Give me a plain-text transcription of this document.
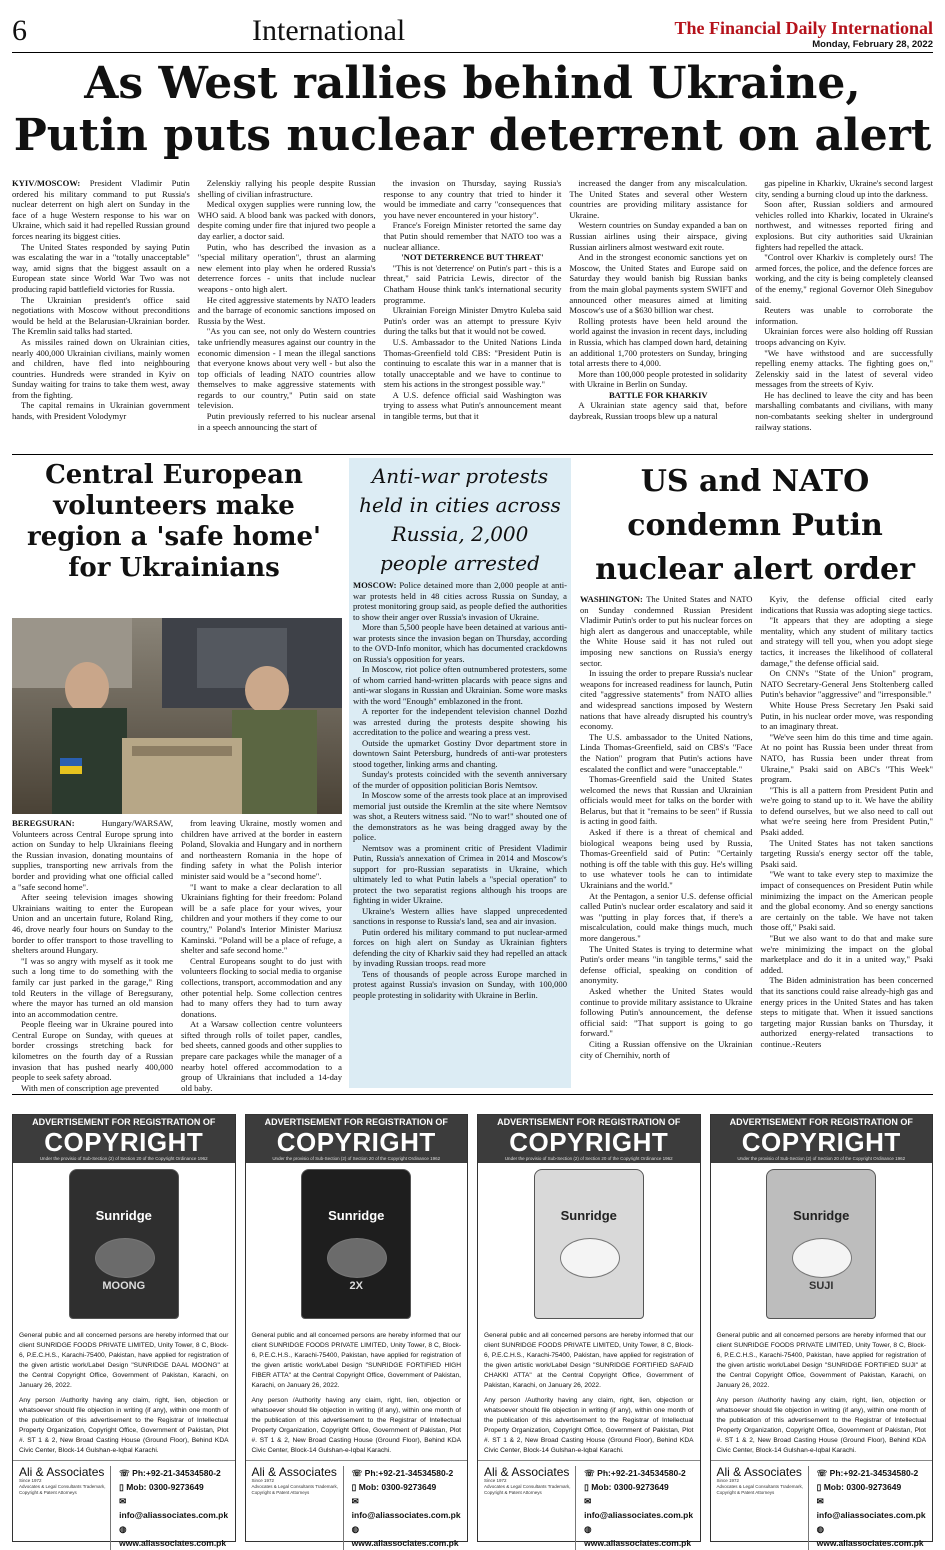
6	International	The Financial Daily International
Monday, February 28, 2022
As West rallies behind Ukraine, Putin puts nuclear deterrent on alert

KYIV/MOSCOW: President Vladimir Putin ordered his military command to put Russia's nuclear deterrent on high alert on Sunday in the face of a huge Western response to his war on Ukraine, which said it had repelled Russian ground forces nearing its biggest cities.

The United States responded by saying Putin was escalating the war in a "totally unacceptable" way, amid signs that the biggest assault on a European state since World War Two was not producing rapid battlefield victories for Russia.

The Ukrainian president's office said negotiations with Moscow without preconditions would be held at the Belarusian-Ukrainian border. The Kremlin said talks had started.

As missiles rained down on Ukrainian cities, nearly 400,000 Ukrainian civilians, mainly women and children, have fled into neighbouring countries. Hundreds were stranded in Kyiv on Sunday waiting for trains to take them west, away from the fighting.

The capital remains in Ukrainian government hands, with President Volodymyr

Zelenskiy rallying his people despite Russian shelling of civilian infrastructure.

Medical oxygen supplies were running low, the WHO said. A blood bank was packed with donors, despite coming under fire that injured two people a day earlier, a doctor said.

Putin, who has described the invasion as a "special military operation", thrust an alarming new element into play when he ordered Russia's deterrence forces - units that include nuclear weapons - onto high alert.

He cited aggressive statements by NATO leaders and the barrage of economic sanctions imposed on Russia by the West.

"As you can see, not only do Western countries take unfriendly measures against our country in the economic dimension - I mean the illegal sanctions that everyone knows about very well - but also the top officials of leading NATO countries allow themselves to make aggressive statements with regards to our country," Putin said on state television.

Putin previously referred to his nuclear arsenal in a speech announcing the start of

the invasion on Thursday, saying Russia's response to any country that tried to hinder it would be immediate and carry "consequences that you have never encountered in your history".

France's Foreign Minister retorted the same day that Putin should remember that NATO too was a nuclear alliance.

'NOT DETERRENCE BUT THREAT'

"This is not 'deterrence' on Putin's part - this is a threat," said Patricia Lewis, director of the Chatham House think tank's international security programme.

Ukrainian Foreign Minister Dmytro Kuleba said Putin's order was an attempt to pressure Kyiv during the talks but that it would not be cowed.

U.S. Ambassador to the United Nations Linda Thomas-Greenfield told CBS: "President Putin is continuing to escalate this war in a manner that is totally unacceptable and we have to continue to stem his actions in the strongest possible way."

A U.S. defence official said Washington was trying to assess what Putin's announcement meant in tangible terms, but that it

increased the danger from any miscalculation. The United States and several other Western countries are providing military assistance for Ukraine.

Western countries on Sunday expanded a ban on Russian airlines using their airspace, giving Russian airliners almost westward exit route.

And in the strongest economic sanctions yet on Moscow, the United States and Europe said on Saturday they would banish big Russian banks from the main global payments system SWIFT and announced other measures aimed at limiting Moscow's use of a $630 billion war chest.

Rolling protests have been held around the world against the invasion in recent days, including in Russia, which has clamped down hard, detaining an additional 1,700 protesters on Sunday, bringing total arrests there to 4,000.

More than 100,000 people protested in solidarity with Ukraine in Berlin on Sunday.

BATTLE FOR KHARKIV

A Ukrainian state agency said that, before daybreak, Russian troops blew up a natural

gas pipeline in Kharkiv, Ukraine's second largest city, sending a burning cloud up into the darkness.

Soon after, Russian soldiers and armoured vehicles rolled into Kharkiv, located in Ukraine's northwest, and witnesses reported firing and explosions. But city authorities said Ukrainian fighters had repelled the attack.

"Control over Kharkiv is completely ours! The armed forces, the police, and the defence forces are working, and the city is being completely cleansed of the enemy," regional Governor Oleh Sinegubov said.

Reuters was unable to corroborate the information.

Ukrainian forces were also holding off Russian troops advancing on Kyiv.

"We have withstood and are successfully repelling enemy attacks. The fighting goes on," Zelenskiy said in the latest of several video messages from the streets of Kyiv.

He has declined to leave the city and has been marshalling combatants and civilians, with many non-combatants seeking shelter in underground railway stations.

Central European volunteers make region a 'safe home' for Ukrainians

BEREGSURAN:	Hungary/WARSAW, Volunteers across Central Europe sprung into action on Sunday to help Ukrainians fleeing the Russian invasion, donating mountains of supplies, transporting new arrivals from the border and providing what one official called a "safe second home".

After seeing television images showing Ukrainians waiting to enter the European Union and an uncertain future, Roland Ring, 46, drove nearly four hours on Sunday to the border to offer transport to those travelling to shelters around Hungary.

"I was so angry with myself as it took me such a long time to do something with the family car just parked in the garage," Ring told Reuters in the village of Beregsurany, where the mayor has turned an old mansion into an accommodation centre.

People fleeing war in Ukraine poured into Central Europe on Sunday, with queues at border crossings stretching back for kilometres on the fourth day of a Russian invasion that has pushed nearly 400,000 people to seek safety abroad.

With men of conscription age prevented

from leaving Ukraine, mostly women and children have arrived at the border in eastern Poland, Slovakia and Hungary and in northern and northeastern Romania in the hope of finding safety in what the Polish interior minister said would be a "second home".

"I want to make a clear declaration to all Ukrainians fighting for their freedom: Poland will be a safe place for your wives, your children and your mothers if they come to our country," Poland's Interior Minister Mariusz Kaminski. "Poland will be a place of refuge, a shelter and safe second home."

Central Europeans sought to do just with volunteers flocking to social media to organise collections, transport, accommodation and any other potential help. Some collection centres had to many offers they had to turn away donations.

At a Warsaw collection centre volunteers sifted through rolls of toilet paper, candles, bed sheets, canned goods and other supplies to prepare care packages while the manager of a nearby hotel offered accommodation to a group of Ukrainians that included a 14-day old baby.

Anti-war protests held in cities across Russia, 2,000 people arrested

MOSCOW: Police detained more than 2,000 people at anti-war protests held in 48 cities across Russia on Sunday, a protest monitoring group said, as people defied the authorities to show their anger over Russia's invasion of Ukraine.

More than 5,500 people have been detained at various anti-war protests since the invasion began on Thursday, according to the OVD-Info monitor, which has documented crackdowns on Russia's opposition for years.

In Moscow, riot police often outnumbered protesters, some of whom carried hand-written placards with peace signs and anti-war slogans in Russian and Ukrainian. Some wore masks with the word "Enough" emblazoned in the front.

A reporter for the independent television channel Dozhd was arrested during the protests despite showing his accreditation to the police and wearing a press vest.

Outside the upmarket Gostiny Dvor department store in downtown Saint Petersburg, hundreds of anti-war protesters stood together, linking arms and chanting.

Sunday's protests coincided with the seventh anniversary of the murder of opposition politician Boris Nemtsov.

In Moscow some of the arrests took place at an improvised memorial just outside the Kremlin at the site where Nemtsov was shot, a Reuters witness said. "No to war!" shouted one of the demonstrators as he was being dragged away by the police.

Nemtsov was a prominent critic of President Vladimir Putin, Russia's annexation of Crimea in 2014 and Moscow's support for pro-Russian separatists in Ukraine, which ultimately led to what Putin labels a "special operation" to protect the two separatist regions although his troops are fighting in wider Ukraine.

Ukraine's Western allies have slapped unprecedented sanctions in response to Russia's land, sea and air invasion.

Putin ordered his military command to put nuclear-armed forces on high alert on Sunday as Ukrainian fighters defending the city of Kharkiv said they had repelled an attack by invading Russian troops. read more

Tens of thousands of people across Europe marched in protest against Russia's invasion on Sunday, with 100,000 people protesting in solidarity with Ukraine in Berlin.

US and NATO condemn Putin nuclear alert order

WASHINGTON: The United States and NATO on Sunday condemned Russian President Vladimir Putin's order to put his nuclear forces on high alert as dangerous and unacceptable, while the White House said it has not ruled out imposing new sanctions on Russia's energy sector.

In issuing the order to prepare Russia's nuclear weapons for increased readiness for launch, Putin cited "aggressive statements" from NATO allies and widespread sanctions imposed by Western nations that have already disrupted his country's economy.

The U.S. ambassador to the United Nations, Linda Thomas-Greenfield, said on CBS's "Face the Nation" program that Putin's actions have escalated the conflict and were "unacceptable."

Thomas-Greenfield said the United States welcomed the news that Russian and Ukrainian officials would meet for talks on the border with Belarus, but that it "remains to be seen" if Russia is acting in good faith.

Asked if there is a threat of chemical and biological weapons being used by Russia, Thomas-Greenfield said of Putin: "Certainly nothing is off the table with this guy. He's willing to use whatever tools he can to intimidate Ukrainians and the world."

At the Pentagon, a senior U.S. defense official called Putin's nuclear order escalatory and said it was "putting in play forces that, if there's a miscalculation, could make things much, much more dangerous."

The United States is trying to determine what Putin's order means "in tangible terms," said the defense official, speaking on condition of anonymity.

Asked whether the United States would continue to provide military assistance to Ukraine following Putin's announcement, the defense official said: "That support is going to go forward."

Citing a Russian offensive on the Ukrainian city of Chernihiv, north of

Kyiv, the defense official cited early indications that Russia was adopting siege tactics.

"It appears that they are adopting a siege mentality, which any student of military tactics and strategy will tell you, when you adopt siege tactics, it increases the likelihood of collateral damage," the defense official said.

On CNN's "State of the Union" program, NATO Secretary-General Jens Stoltenberg called Putin's behavior "aggressive" and "irresponsible."

White House Press Secretary Jen Psaki said Putin, in his nuclear order move, was responding to an imaginary threat.

"We've seen him do this time and time again. At no point has Russia been under threat from NATO, has Russia been under threat from Ukraine," Psaki said on ABC's "This Week" program.

"This is all a pattern from President Putin and we're going to stand up to it. We have the ability to defend ourselves, but we also need to call out what we're seeing here from President Putin," Psaki added.

The United States has not taken sanctions targeting Russia's energy sector off the table, Psaki said.

"We want to take every step to maximize the impact of consequences on President Putin while minimizing the impact on the American people and the global economy. And so energy sanctions are certainly on the table. We have not taken those off," Psaki said.

"But we also want to do that and make sure we're minimizing the impact on the global marketplace and do it in a united way," Psaki added.

The Biden administration has been concerned that its sanctions could raise already-high gas and energy prices in the United States and has taken steps to mitigate that. When it issued sanctions targeting major Russian banks on Thursday, it authorized energy-related transactions to continue.-Reuters

ADVERTISEMENT FOR REGISTRATION OF
COPYRIGHT
Under the provisio of Sub-Section (2) of Section 20 of the Copyright Ordinance 1962
Sunridge
MOONG

General public and all concerned persons are hereby informed that our client SUNRIDGE FOODS PRIVATE LIMITED, Unity Tower, 8 C, Block-6, P.E.C.H.S., Karachi-75400, Pakistan, have applied for registration of the given artistic work/Label Design "SUNRIDGE DAAL MOONG" at the Central Copyright Office, Government of Pakistan, Karachi, on January 26, 2022.

Any person /Authority having any claim, right, lien, objection or whatsoever should file objection in writing (if any), within one month of the publication of this advertisement to the Registrar of Intellectual Property Organization, Copyright Office, Government of Pakistan, Plot #. ST 1 & 2, New Broad Casting House (Ground Floor), Behind KDA Civic Center, Block-14 Gulshan-e-Iqbal Karachi.

Ali & Associates
Since 1972
Advocates & Legal Consultants Trademark, Copyright & Patent Attorneys
☏ Ph:+92-21-34534580-2
▯ Mob: 0300-9273649
✉ info@aliassociates.com.pk
◍ www.aliassociates.com.pk
ADVERTISEMENT FOR REGISTRATION OF
COPYRIGHT
Under the provisio of Sub-Section (2) of Section 20 of the Copyright Ordinance 1962
Sunridge
2X

General public and all concerned persons are hereby informed that our client SUNRIDGE FOODS PRIVATE LIMITED, Unity Tower, 8 C, Block-6, P.E.C.H.S., Karachi-75400, Pakistan, have applied for registration of the given artistic work/Label Design "SUNRIDGE FORTIFIED HIGH FIBER ATTA" at the Central Copyright Office, Government of Pakistan, Karachi, on January 26, 2022.

Any person /Authority having any claim, right, lien, objection or whatsoever should file objection in writing (if any), within one month of the publication of this advertisement to the Registrar of Intellectual Property Organization, Copyright Office, Government of Pakistan, Plot #. ST 1 & 2, New Broad Casting House (Ground Floor), Behind KDA Civic Center, Block-14 Gulshan-e-Iqbal Karachi.

Ali & Associates
Since 1972
Advocates & Legal Consultants Trademark, Copyright & Patent Attorneys
☏ Ph:+92-21-34534580-2
▯ Mob: 0300-9273649
✉ info@aliassociates.com.pk
◍ www.aliassociates.com.pk
ADVERTISEMENT FOR REGISTRATION OF
COPYRIGHT
Under the provisio of Sub-Section (2) of Section 20 of the Copyright Ordinance 1962
Sunridge

General public and all concerned persons are hereby informed that our client SUNRIDGE FOODS PRIVATE LIMITED, Unity Tower, 8 C, Block-6, P.E.C.H.S., Karachi-75400, Pakistan, have applied for registration of the given artistic work/Label Design "SUNRIDGE FORTIFIED SAFAID CHAKKI ATTA" at the Central Copyright Office, Government of Pakistan, Karachi, on January 26, 2022.

Any person /Authority having any claim, right, lien, objection or whatsoever should file objection in writing (if any), within one month of the publication of this advertisement to the Registrar of Intellectual Property Organization, Copyright Office, Government of Pakistan, Plot #. ST 1 & 2, New Broad Casting House (Ground Floor), Behind KDA Civic Center, Block-14 Gulshan-e-Iqbal Karachi.

Ali & Associates
Since 1972
Advocates & Legal Consultants Trademark, Copyright & Patent Attorneys
☏ Ph:+92-21-34534580-2
▯ Mob: 0300-9273649
✉ info@aliassociates.com.pk
◍ www.aliassociates.com.pk
ADVERTISEMENT FOR REGISTRATION OF
COPYRIGHT
Under the provisio of Sub-Section (2) of Section 20 of the Copyright Ordinance 1962
Sunridge
SUJI

General public and all concerned persons are hereby informed that our client SUNRIDGE FOODS PRIVATE LIMITED, Unity Tower, 8 C, Block-6, P.E.C.H.S., Karachi-75400, Pakistan, have applied for registration of the given artistic work/Label Design "SUNRIDGE FORTIFIED SUJI" at the Central Copyright Office, Government of Pakistan, Karachi, on January 26, 2022.

Any person /Authority having any claim, right, lien, objection or whatsoever should file objection in writing (if any), within one month of the publication of this advertisement to the Registrar of Intellectual Property Organization, Copyright Office, Government of Pakistan, Plot #. ST 1 & 2, New Broad Casting House (Ground Floor), Behind KDA Civic Center, Block-14 Gulshan-e-Iqbal Karachi.

Ali & Associates
Since 1972
Advocates & Legal Consultants Trademark, Copyright & Patent Attorneys
☏ Ph:+92-21-34534580-2
▯ Mob: 0300-9273649
✉ info@aliassociates.com.pk
◍ www.aliassociates.com.pk
